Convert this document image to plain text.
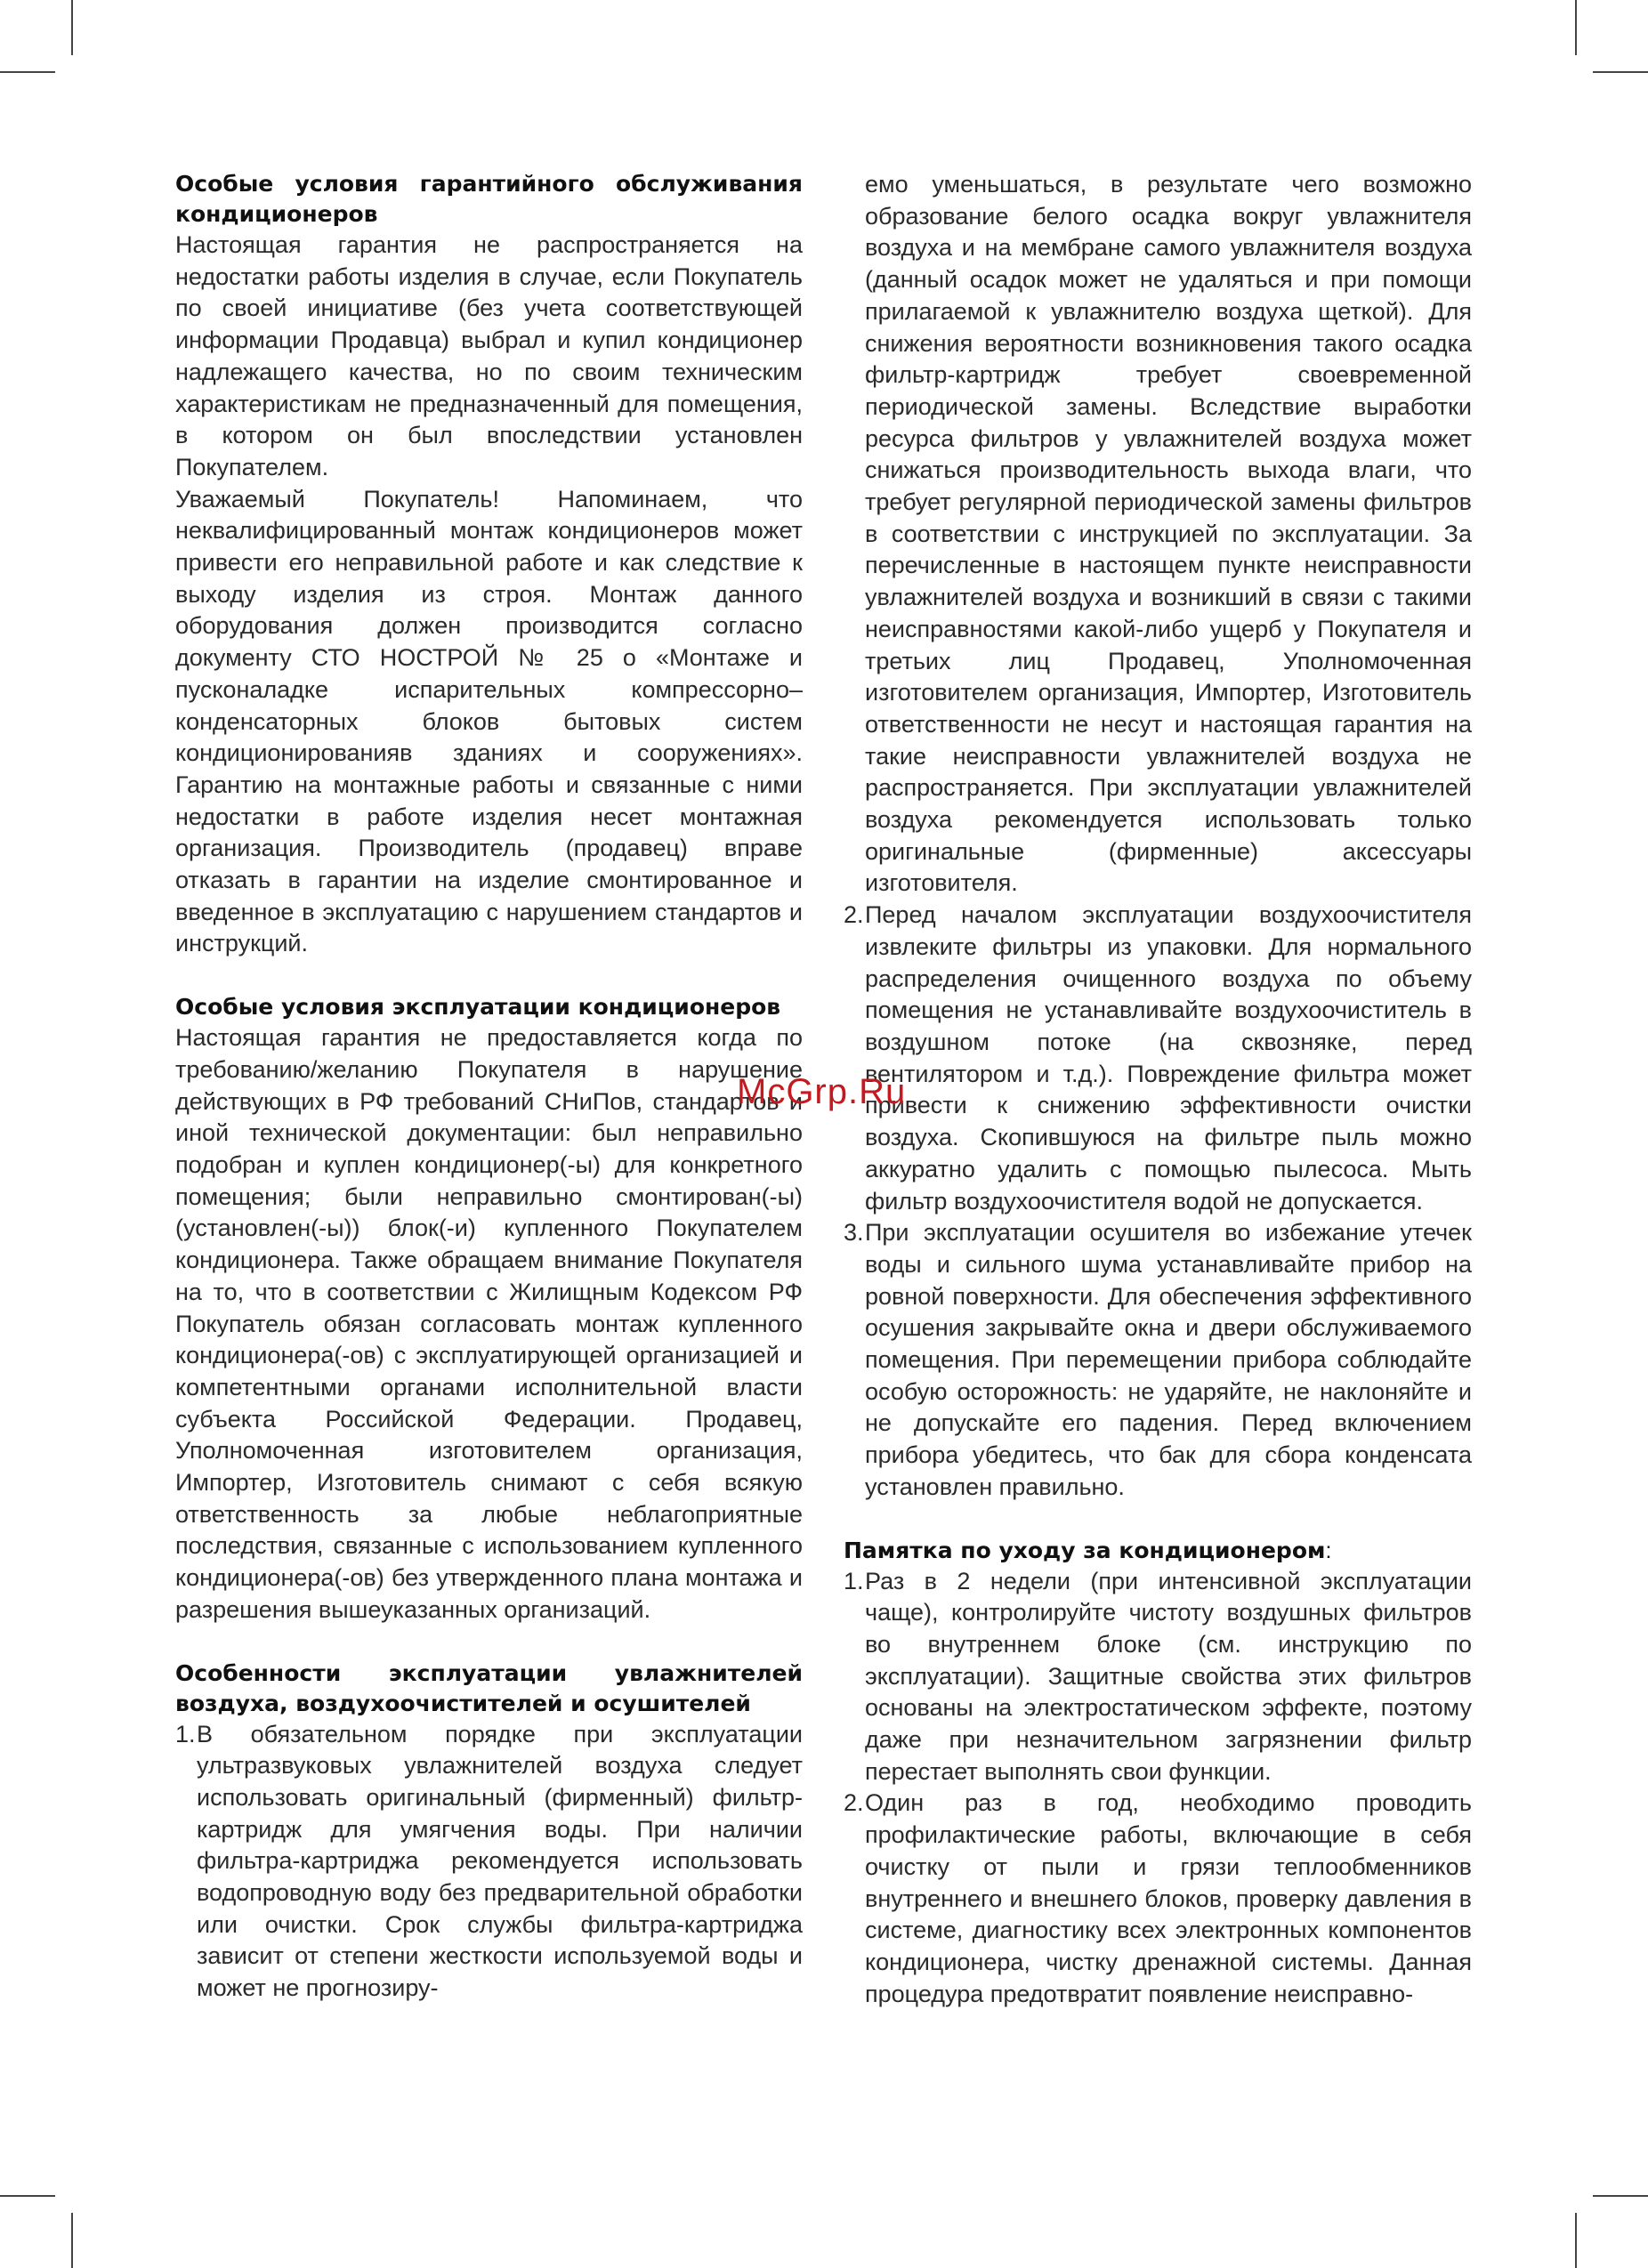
Особые условия гарантийного обслуживания кондиционеров

Настоящая гарантия не распространяется на недостатки работы изделия в случае, если Покупатель по своей инициативе (без учета соответствующей информации Продавца) выбрал и купил кондиционер надлежащего качества, но по своим техническим характеристикам не предназначенный для помещения, в котором он был впоследствии установлен Покупателем.

Уважаемый Покупатель! Напоминаем, что неквалифицированный монтаж кондиционеров может привести его неправильной работе и как следствие к выходу изделия из строя. Монтаж данного оборудования должен производится согласно документу СТО НОСТРОЙ № 25 о «Монтаже и пусконаладке испарительных компрессорно–конденсаторных блоков бытовых систем кондиционированияв зданиях и сооружениях». Гарантию на монтажные работы и связанные с ними недостатки в работе изделия несет монтажная организация. Производитель (продавец) вправе отказать в гарантии на изделие смонтированное и введенное в эксплуатацию с нарушением стандартов и инструкций.

Особые условия эксплуатации кондиционеров

Настоящая гарантия не предоставляется когда по требованию/желанию Покупателя в нарушение действующих в РФ требований СНиПов, стандартов и иной технической документации: был неправильно подобран и куплен кондиционер(-ы) для конкретного помещения; были неправильно смонтирован(-ы) (установлен(-ы)) блок(-и) купленного Покупателем кондиционера. Также обращаем внимание Покупателя на то, что в соответствии с Жилищным Кодексом РФ Покупатель обязан согласовать монтаж купленного кондиционера(-ов) с эксплуатирующей организацией и компетентными органами исполнительной власти субъекта Российской Федерации. Продавец, Уполномоченная изготовителем организация, Импортер, Изготовитель снимают с себя всякую ответственность за любые неблагоприятные последствия, связанные с использованием купленного кондиционера(-ов) без утвержденного плана монтажа и разрешения вышеуказанных организаций.

Особенности эксплуатации увлажнителей воздуха, воздухоочистителей и осушителей
1. В обязательном порядке при эксплуатации ультразвуковых увлажнителей воздуха следует использовать оригинальный (фирменный) фильтр-картридж для умягчения воды. При наличии фильтра-картриджа рекомендуется использовать водопроводную воду без предварительной обработки или очистки. Срок службы фильтра-картриджа зависит от степени жесткости используемой воды и может не прогнозиру-
емо уменьшаться, в результате чего возможно образование белого осадка вокруг увлажнителя воздуха и на мембране самого увлажнителя воздуха (данный осадок может не удаляться и при помощи прилагаемой к увлажнителю воздуха щеткой). Для снижения вероятности возникновения такого осадка фильтр-картридж требует своевременной периодической замены. Вследствие выработки ресурса фильтров у увлажнителей воздуха может снижаться производительность выхода влаги, что требует регулярной периодической замены фильтров в соответствии с инструкцией по эксплуатации. За перечисленные в настоящем пункте неисправности увлажнителей воздуха и возникший в связи с такими неисправностями какой-либо ущерб у Покупателя и третьих лиц Продавец, Уполномоченная изготовителем организация, Импортер, Изготовитель ответственности не несут и настоящая гарантия на такие неисправности увлажнителей воздуха не распространяется. При эксплуатации увлажнителей воздуха рекомендуется использовать только оригинальные (фирменные) аксессуары изготовителя.
2. Перед началом эксплуатации воздухоочистителя извлеките фильтры из упаковки. Для нормального распределения очищенного воздуха по объему помещения не устанавливайте воздухоочиститель в воздушном потоке (на сквозняке, перед вентилятором и т.д.). Повреждение фильтра может привести к снижению эффективности очистки воздуха. Скопившуюся на фильтре пыль можно аккуратно удалить с помощью пылесоса. Мыть фильтр воздухоочистителя водой не допускается.
3. При эксплуатации осушителя во избежание утечек воды и сильного шума устанавливайте прибор на ровной поверхности. Для обеспечения эффективного осушения закрывайте окна и двери обслуживаемого помещения. При перемещении прибора соблюдайте особую осторожность: не ударяйте, не наклоняйте и не допускайте его падения. Перед включением прибора убедитесь, что бак для сбора конденсата установлен правильно.
Памятка по уходу за кондиционером:
1. Раз в 2 недели (при интенсивной эксплуатации чаще), контролируйте чистоту воздушных фильтров во внутреннем блоке (см. инструкцию по эксплуатации). Защитные свойства этих фильтров основаны на электростатическом эффекте, поэтому даже при незначительном загрязнении фильтр перестает выполнять свои функции.
2. Один раз в год, необходимо проводить профилактические работы, включающие в себя очистку от пыли и грязи теплообменников внутреннего и внешнего блоков, проверку давления в системе, диагностику всех электронных компонентов кондиционера, чистку дренажной системы. Данная процедура предотвратит появление неисправно-
McGrp.Ru
